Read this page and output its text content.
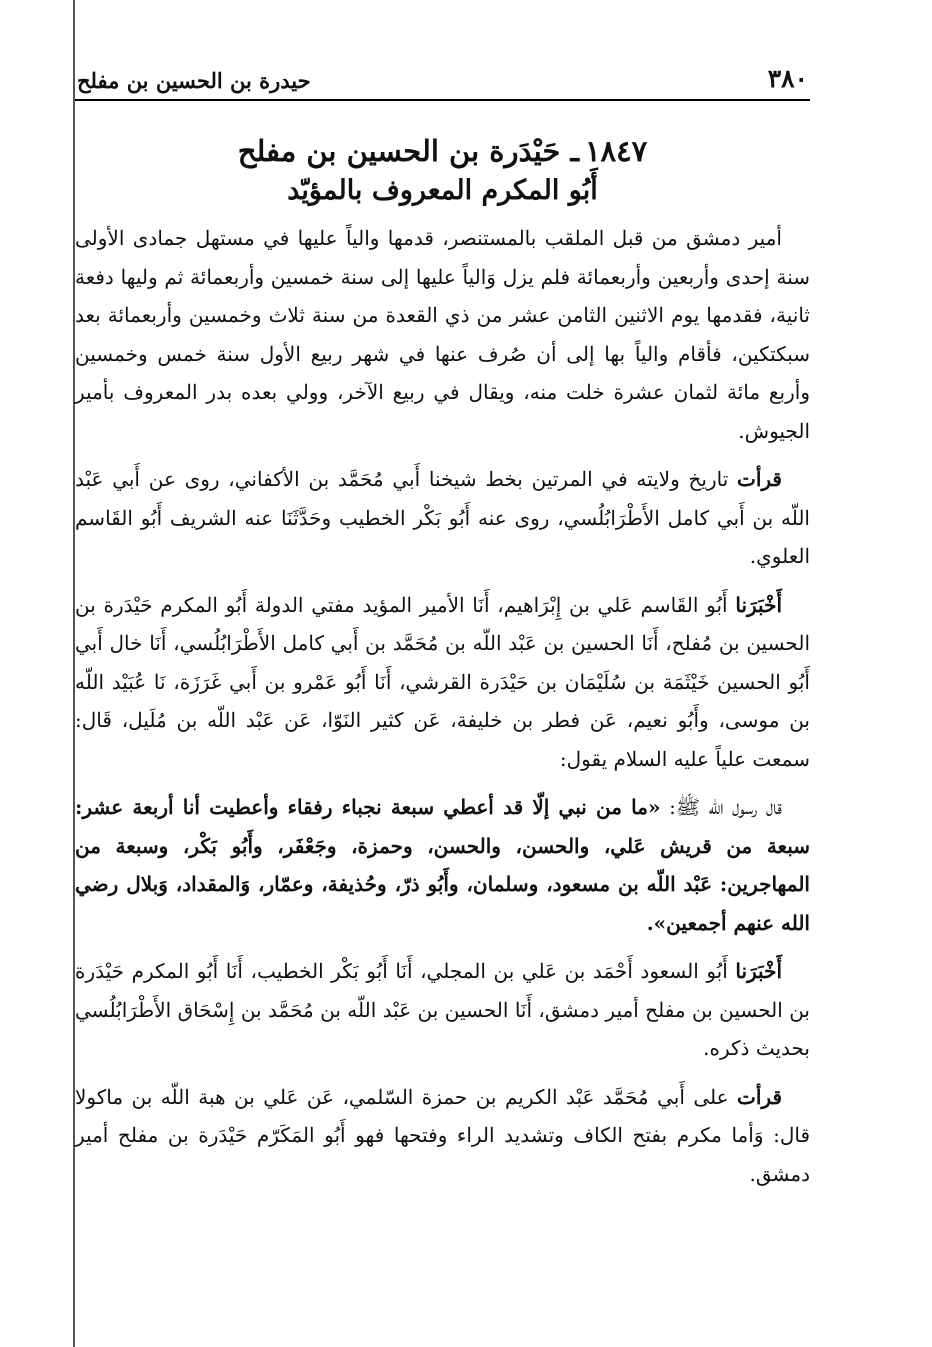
٣٨٠
حيدرة بن الحسين بن مفلح
١٨٤٧ـ حَيْدَرة بن الحسين بن مفلح
أَبُو المكرم المعروف بالمؤيّد

أمير دمشق من قبل الملقب بالمستنصر، قدمها والياً عليها في مستهل جمادى الأولى سنة إحدى وأربعين وأربعمائة فلم يزل وَالياً عليها إلى سنة خمسين وأربعمائة ثم وليها دفعة ثانية، فقدمها يوم الاثنين الثامن عشر من ذي القعدة من سنة ثلاث وخمسين وأربعمائة بعد سبكتكين، فأقام والياً بها إلى أن صُرف عنها في شهر ربيع الأول سنة خمس وخمسين وأربع مائة لثمان عشرة خلت منه، ويقال في ربيع الآخر، وولي بعده بدر المعروف بأمير الجيوش.

قرأت تاريخ ولايته في المرتين بخط شيخنا أَبي مُحَمَّد بن الأكفاني، روى عن أَبي عَبْد اللّه بن أَبي كامل الأَطْرَابُلُسي، روى عنه أَبُو بَكْر الخطيب وحَدَّثَنَا عنه الشريف أَبُو القَاسم العلوي.

أَخْبَرَنا أَبُو القَاسم عَلي بن إِبْرَاهيم، أَنَا الأمير المؤيد مفتي الدولة أَبُو المكرم حَيْدَرة بن الحسين بن مُفلح، أَنَا الحسين بن عَبْد اللّه بن مُحَمَّد بن أَبي كامل الأَطْرَابُلُسي، أَنَا خال أَبي أَبُو الحسين خَيْثَمَة بن سُلَيْمَان بن حَيْدَرة القرشي، أَنَا أَبُو عَمْرو بن أَبي غَرَزَة، نَا عُبَيْد اللّه بن موسى، وأَبُو نعيم، عَن فطر بن خليفة، عَن كثير النَوّا، عَن عَبْد اللّه بن مُلَيل، قَال: سمعت علياً عليه السلام يقول:

قال رسول الله ﷺ: «ما من نبي إلّا قد أعطي سبعة نجباء رفقاء وأعطيت أنا أربعة عشر: سبعة من قريش عَلي، والحسن، والحسن، وحمزة، وجَعْفَر، وأَبُو بَكْر، وسبعة من المهاجرين: عَبْد اللّه بن مسعود، وسلمان، وأَبُو ذرّ، وحُذيفة، وعمّار، وَالمقداد، وَبلال رضي الله عنهم أجمعين».

أَخْبَرَنا أَبُو السعود أَحْمَد بن عَلي بن المجلي، أَنَا أَبُو بَكْر الخطيب، أَنَا أَبُو المكرم حَيْدَرة بن الحسين بن مفلح أمير دمشق، أَنَا الحسين بن عَبْد اللّه بن مُحَمَّد بن إِسْحَاق الأَطْرَابُلُسي بحديث ذكره.

قرأت على أَبي مُحَمَّد عَبْد الكريم بن حمزة السّلمي، عَن عَلي بن هبة اللّه بن ماكولا قال: وَأما مكرم بفتح الكاف وتشديد الراء وفتحها فهو أَبُو المَكَرّم حَيْدَرة بن مفلح أمير دمشق.
